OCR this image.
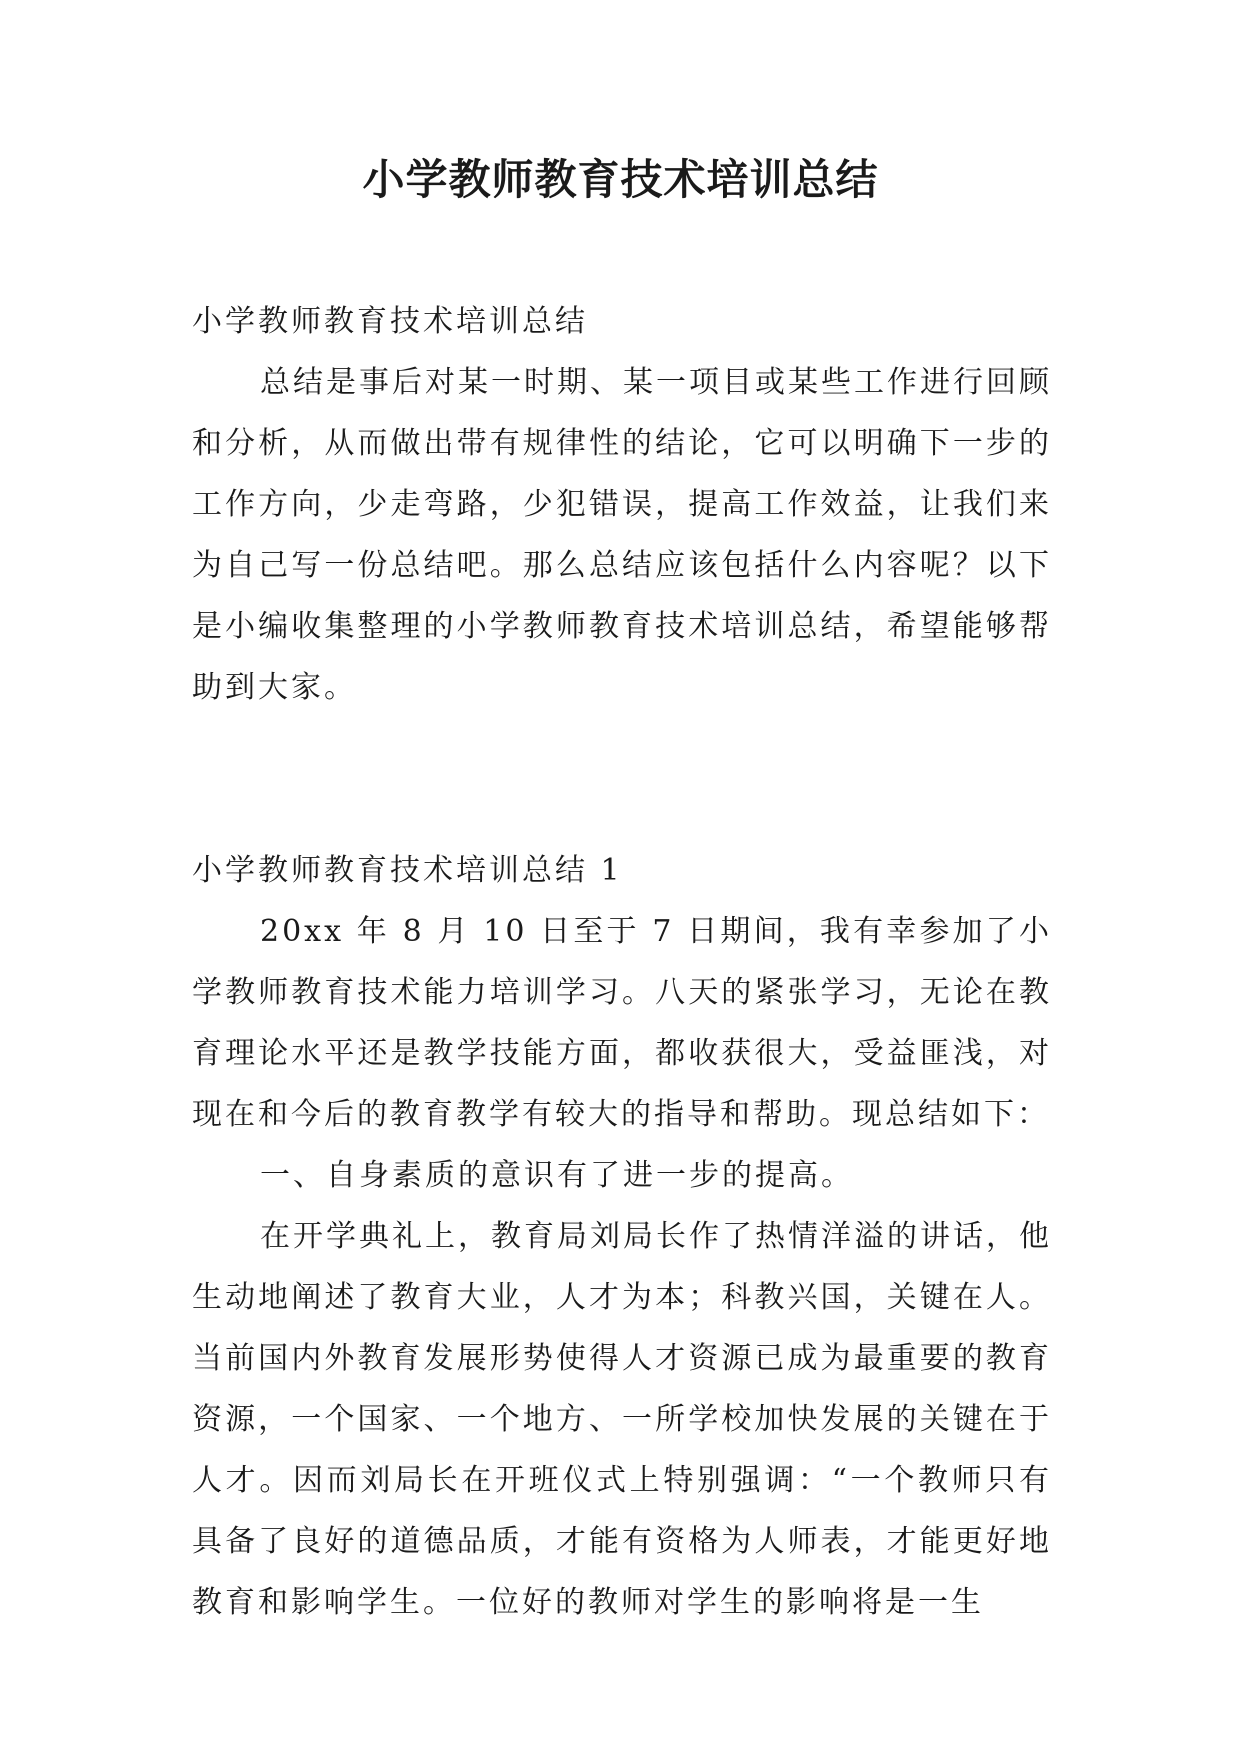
小学教师教育技术培训总结

小学教师教育技术培训总结

总结是事后对某一时期、某一项目或某些工作进行回顾和分析，从而做出带有规律性的结论，它可以明确下一步的工作方向，少走弯路，少犯错误，提高工作效益，让我们来为自己写一份总结吧。那么总结应该包括什么内容呢？以下是小编收集整理的小学教师教育技术培训总结，希望能够帮助到大家。

小学教师教育技术培训总结 1

20xx 年 8 月 10 日至于 7 日期间，我有幸参加了小学教师教育技术能力培训学习。八天的紧张学习，无论在教育理论水平还是教学技能方面，都收获很大，受益匪浅，对现在和今后的教育教学有较大的指导和帮助。现总结如下：

一、自身素质的意识有了进一步的提高。

在开学典礼上，教育局刘局长作了热情洋溢的讲话，他生动地阐述了教育大业，人才为本；科教兴国，关键在人。当前国内外教育发展形势使得人才资源已成为最重要的教育资源，一个国家、一个地方、一所学校加快发展的关键在于人才。因而刘局长在开班仪式上特别强调：“一个教师只有具备了良好的道德品质，才能有资格为人师表，才能更好地教育和影响学生。一位好的教师对学生的影响将是一生
